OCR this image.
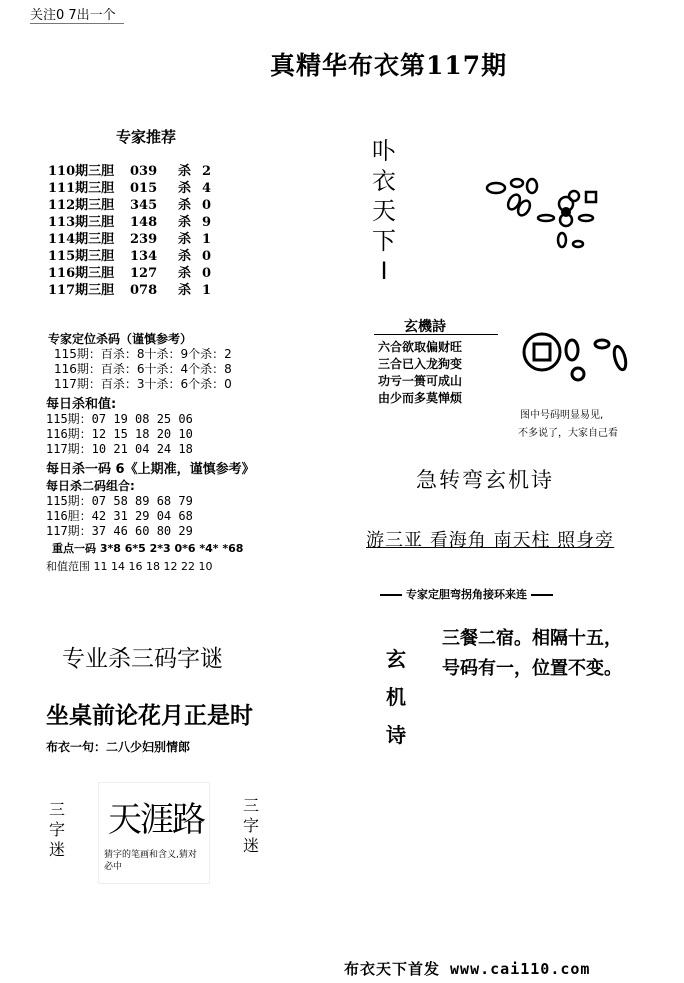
关注0 7出一个
真精华布衣第117期
专家推荐
110期三胆 039 杀 2
111期三胆 015 杀 4
112期三胆 345 杀 0
113期三胆 148 杀 9
114期三胆 239 杀 1
115期三胆 134 杀 0
116期三胆 127 杀 0
117期三胆 078 杀 1
专家定位杀码（谨慎参考）
115期：百杀：8十杀：9个杀：2
116期：百杀：6十杀：4个杀：8
117期：百杀：3十杀：6个杀：0
每日杀和值:
115期：07 19 08 25 06
116期：12 15 18 20 10
117期：10 21 04 24 18
每日杀一码 6《上期准，谨慎参考》
每日杀二码组合:
115期：07 58 89 68 79
116胆：42 31 29 04 68
117期：37 46 60 80 29
重点一码 3*8 6*5 2*3 0*6 *4* *68
和值范围 11 14 16 18 12 22 10
专业杀三码字谜
坐桌前论花月正是时
布衣一句：二八少妇别情郎
三
字
迷
三
字
迷
天涯路
猜字的笔画和含义,猜对必中
卟
衣
天
下
I
玄機詩
六合欲取偏财旺
三合已入龙狗变
功亏一篑可成山
由少而多莫惮烦
图中号码明显易见,
不多说了，大家自己看
急转弯玄机诗
游三亚 看海角 南天柱 照身旁
专家定胆弯拐角接环来连
玄
机
诗
三餐二宿。相隔十五，
号码有一，位置不变。
布衣天下首发 www.cai110.com
